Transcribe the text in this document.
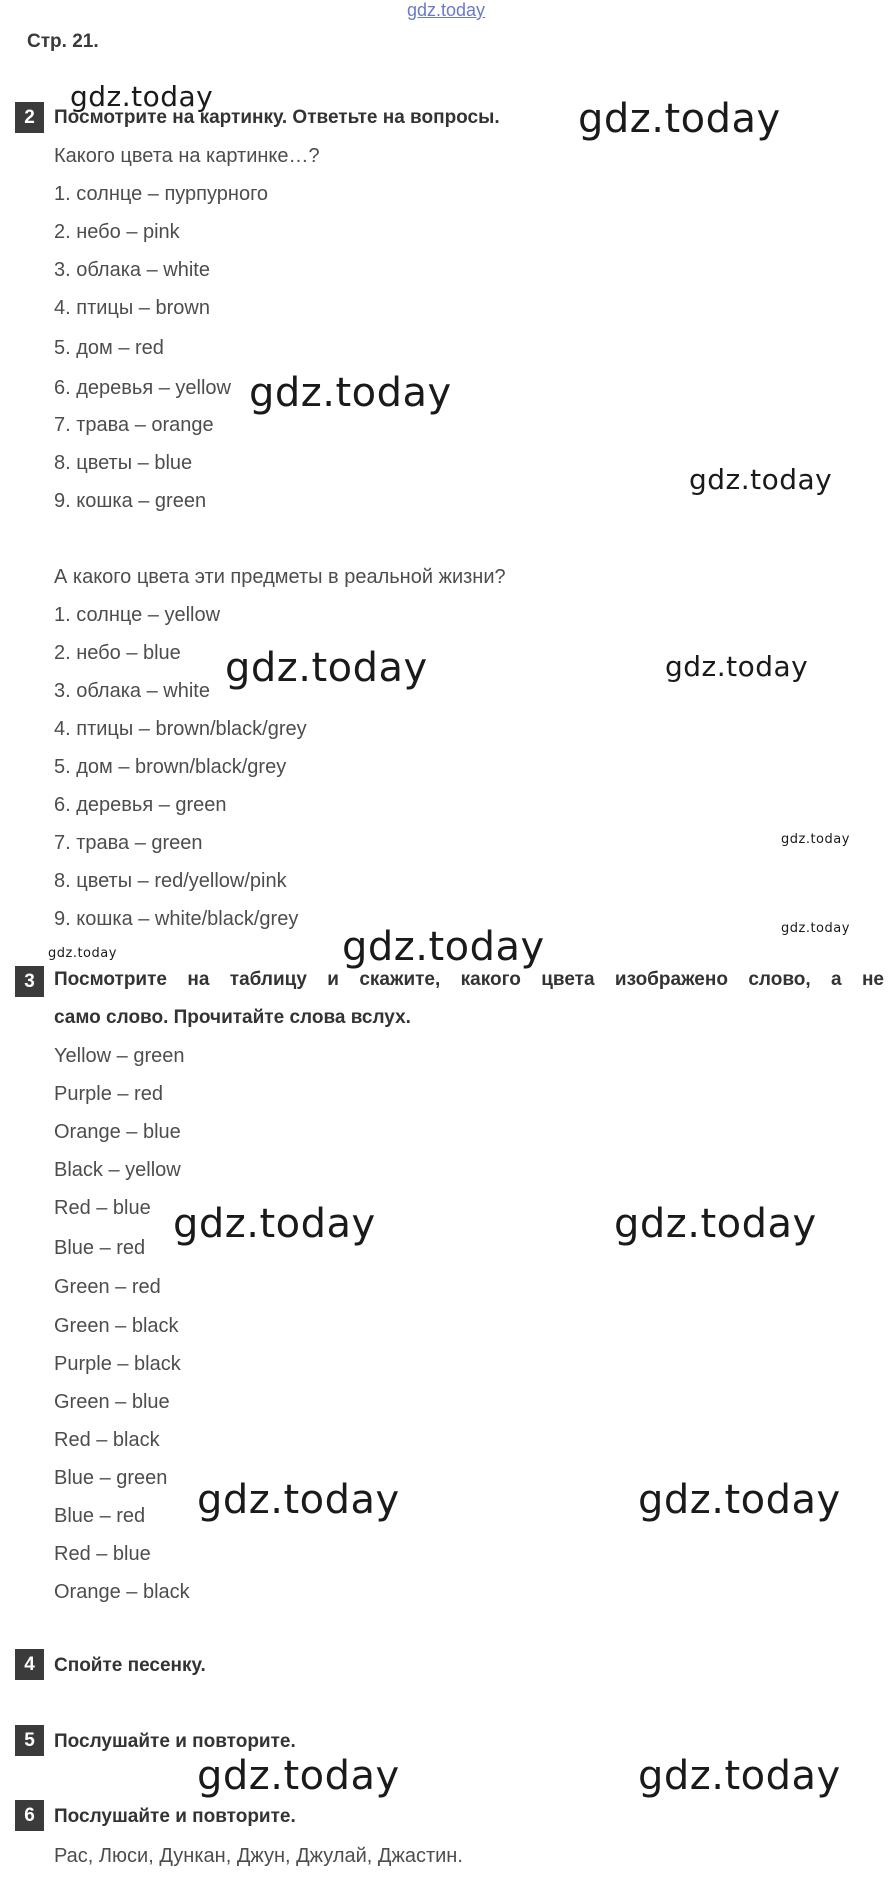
gdz.today
Стр. 21.
2	Посмотрите на картинку. Ответьте на вопросы.
Какого цвета на картинке…?
1. солнце – пурпурного
2. небо – pink
3. облака – white
4. птицы – brown
5. дом – red
6. деревья – yellow
7. трава – orange
8. цветы – blue
9. кошка – green
А какого цвета эти предметы в реальной жизни?
1. солнце – yellow
2. небо – blue
3. облака – white
4. птицы – brown/black/grey
5. дом – brown/black/grey
6. деревья – green
7. трава – green
8. цветы – red/yellow/pink
9. кошка – white/black/grey
3	Посмотрите на таблицу и скажите, какого цвета изображено слово, а не
само слово. Прочитайте слова вслух.
Yellow – green
Purple – red
Orange – blue
Black – yellow
Red – blue
Blue – red
Green – red
Green – black
Purple – black
Green – blue
Red – black
Blue – green
Blue – red
Red – blue
Orange – black
4	Спойте песенку.
5	Послушайте и повторите.
6	Послушайте и повторите.
Рас, Люси, Дункан, Джун, Джулай, Джастин.
gdz.today	gdz.today
gdz.today
gdz.today
gdz.today	gdz.today
gdz.today
gdz.today
gdz.today	gdz.today
gdz.today	gdz.today
gdz.today	gdz.today
gdz.today	gdz.today
